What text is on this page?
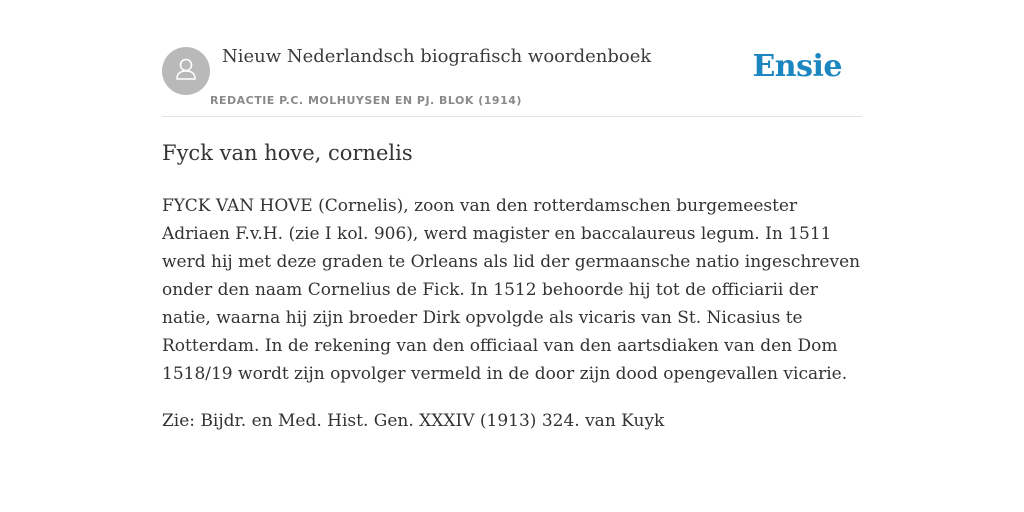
Nieuw Nederlandsch biografisch woordenboek
REDACTIE P.C. MOLHUYSEN EN PJ. BLOK (1914)
Ensie
Fyck van hove, cornelis

FYCK VAN HOVE (Cornelis), zoon van den rotterdamschen burgemeester Adriaen F.v.H. (zie I kol. 906), werd magister en baccalaureus legum. In 1511 werd hij met deze graden te Orleans als lid der germaansche natio ingeschreven onder den naam Cornelius de Fick. In 1512 behoorde hij tot de officiarii der natie, waarna hij zijn broeder Dirk opvolgde als vicaris van St. Nicasius te Rotterdam. In de rekening van den officiaal van den aartsdiaken van den Dom 1518/19 wordt zijn opvolger vermeld in de door zijn dood opengevallen vicarie.

Zie: Bijdr. en Med. Hist. Gen. XXXIV (1913) 324. van Kuyk
